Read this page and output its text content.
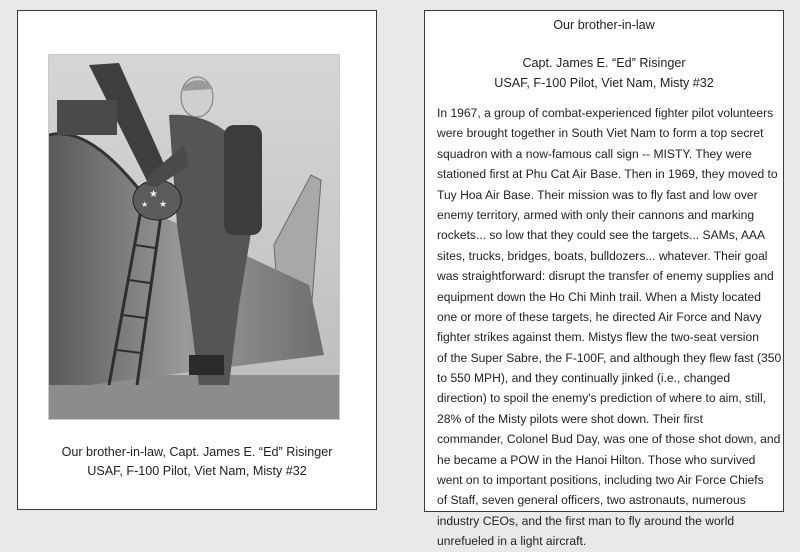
★
★
★
Our brother-in-law, Capt. James E. “Ed” Risinger
USAF, F-100 Pilot, Viet Nam, Misty #32
Our brother-in-law
Capt. James E. “Ed” Risinger
USAF, F-100 Pilot, Viet Nam, Misty #32
In 1967, a group of combat-experienced fighter pilot volunteers
were brought together in South Viet Nam to form a top secret
squadron with a now-famous call sign -- MISTY. They were
stationed first at Phu Cat Air Base. Then in 1969, they moved to
Tuy Hoa Air Base. Their mission was to fly fast and low over
enemy territory, armed with only their cannons and marking
rockets... so low that they could see the targets... SAMs, AAA
sites, trucks, bridges, boats, bulldozers... whatever. Their goal
was straightforward: disrupt the transfer of enemy supplies and
equipment down the Ho Chi Minh trail. When a Misty located
one or more of these targets, he directed Air Force and Navy
fighter strikes against them. Mistys flew the two-seat version
of the Super Sabre, the F-100F, and although they flew fast (350
to 550 MPH), and they continually jinked (i.e., changed
direction) to spoil the enemy's prediction of where to aim, still,
28% of the Misty pilots were shot down. Their first
commander, Colonel Bud Day, was one of those shot down, and
he became a POW in the Hanoi Hilton. Those who survived
went on to important positions, including two Air Force Chiefs
of Staff, seven general officers, two astronauts, numerous
industry CEOs, and the first man to fly around the world
unrefueled in a light aircraft.
